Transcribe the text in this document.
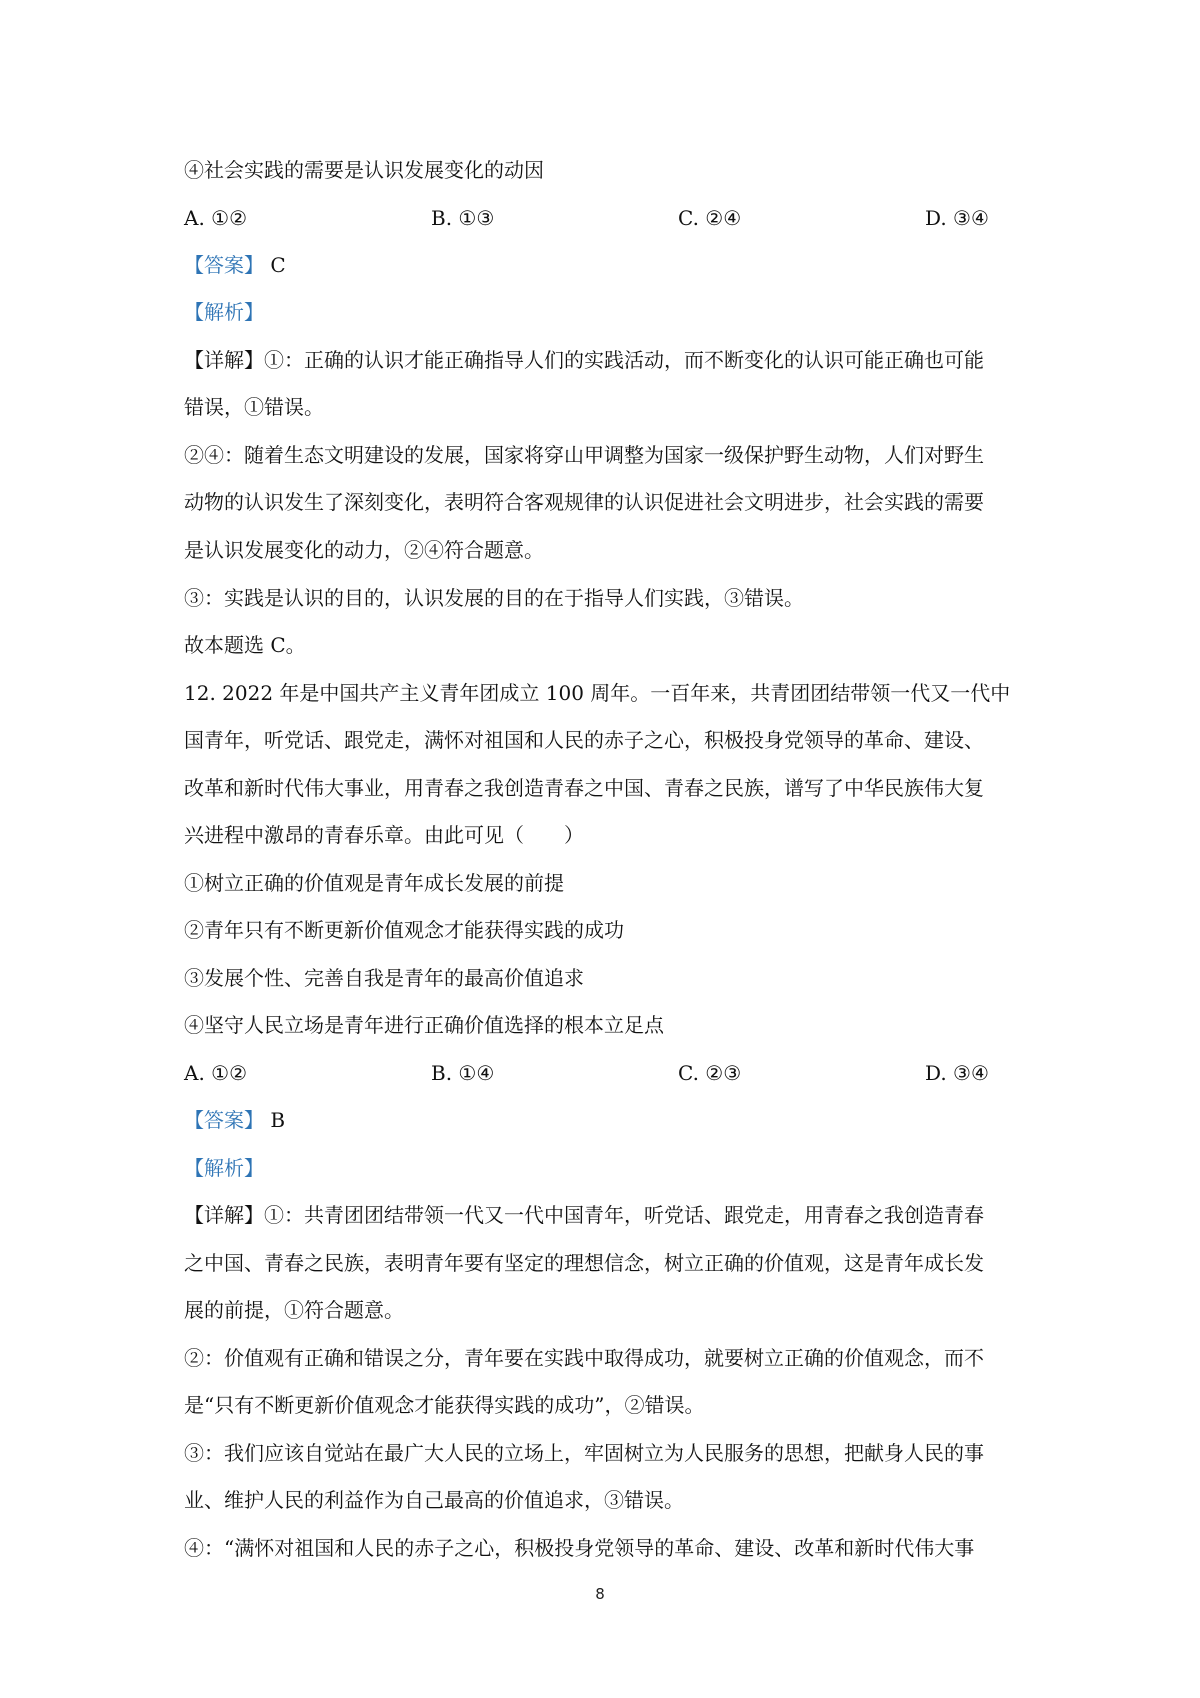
④社会实践的需要是认识发展变化的动因
A. ①②	B. ①③	C. ②④	D. ③④
【答案】 C
【解析】
【详解】①：正确的认识才能正确指导人们的实践活动，而不断变化的认识可能正确也可能
错误，①错误。
②④：随着生态文明建设的发展，国家将穿山甲调整为国家一级保护野生动物，人们对野生
动物的认识发生了深刻变化，表明符合客观规律的认识促进社会文明进步，社会实践的需要
是认识发展变化的动力，②④符合题意。
③：实践是认识的目的，认识发展的目的在于指导人们实践，③错误。
故本题选 C。
12. 2022 年是中国共产主义青年团成立 100 周年。一百年来，共青团团结带领一代又一代中
国青年，听党话、跟党走，满怀对祖国和人民的赤子之心，积极投身党领导的革命、建设、
改革和新时代伟大事业，用青春之我创造青春之中国、青春之民族，谱写了中华民族伟大复
兴进程中激昂的青春乐章。由此可见（　　）
①树立正确的价值观是青年成长发展的前提
②青年只有不断更新价值观念才能获得实践的成功
③发展个性、完善自我是青年的最高价值追求
④坚守人民立场是青年进行正确价值选择的根本立足点
A. ①②	B. ①④	C. ②③	D. ③④
【答案】 B
【解析】
【详解】①：共青团团结带领一代又一代中国青年，听党话、跟党走，用青春之我创造青春
之中国、青春之民族，表明青年要有坚定的理想信念，树立正确的价值观，这是青年成长发
展的前提，①符合题意。
②：价值观有正确和错误之分，青年要在实践中取得成功，就要树立正确的价值观念，而不
是“只有不断更新价值观念才能获得实践的成功”，②错误。
③：我们应该自觉站在最广大人民的立场上，牢固树立为人民服务的思想，把献身人民的事
业、维护人民的利益作为自己最高的价值追求，③错误。
④：“满怀对祖国和人民的赤子之心，积极投身党领导的革命、建设、改革和新时代伟大事
8
